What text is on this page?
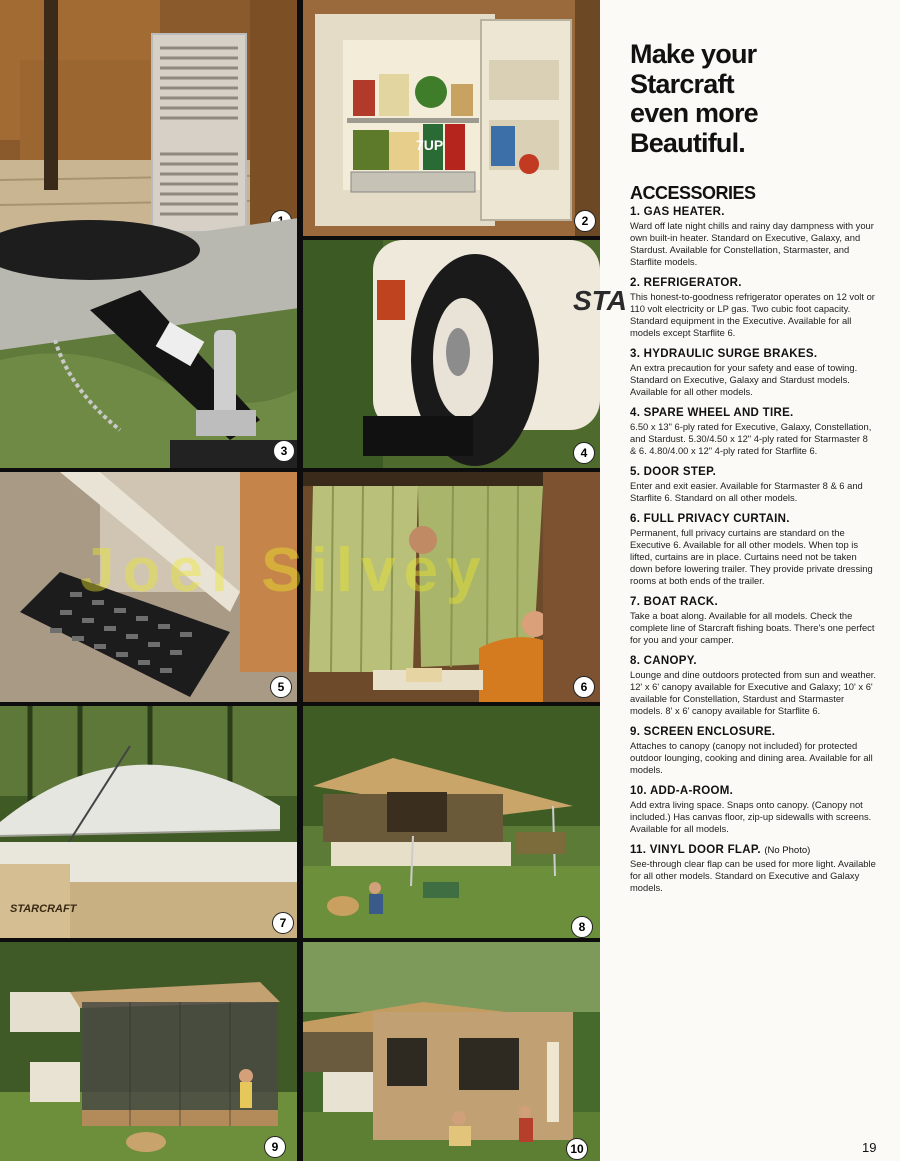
7UP
2
3
STA
4
5	6
STARCRAFT
7	8
9	10
Make your
Starcraft
even more
Beautiful.
ACCESSORIES
1. GAS HEATER.
Ward off late night chills and rainy day dampness with your own built-in heater. Standard on Executive, Galaxy, and Stardust. Available for Constellation, Starmaster, and Starflite models.
2. REFRIGERATOR.
This honest-to-goodness refrigerator operates on 12 volt or 110 volt electricity or LP gas. Two cubic foot capacity. Standard equipment in the Executive. Available for all models except Starflite 6.
3. HYDRAULIC SURGE BRAKES.
An extra precaution for your safety and ease of towing. Standard on Executive, Galaxy and Stardust models. Available for all other models.
4. SPARE WHEEL AND TIRE.
6.50 x 13" 6-ply rated for Executive, Galaxy, Constellation, and Stardust. 5.30/4.50 x 12" 4-ply rated for Starmaster 8 & 6. 4.80/4.00 x 12" 4-ply rated for Starflite 6.
5. DOOR STEP.
Enter and exit easier. Available for Starmaster 8 & 6 and Starflite 6. Standard on all other models.
6. FULL PRIVACY CURTAIN.
Permanent, full privacy curtains are standard on the Executive 6. Available for all other models. When top is lifted, curtains are in place. Curtains need not be taken down before lowering trailer. They provide private dressing rooms at both ends of the trailer.
7. BOAT RACK.
Take a boat along. Available for all models. Check the complete line of Starcraft fishing boats. There's one perfect for you and your camper.
8. CANOPY.
Lounge and dine outdoors protected from sun and weather. 12' x 6' canopy available for Executive and Galaxy; 10' x 6' available for Constellation, Stardust and Starmaster models. 8' x 6' canopy available for Starflite 6.
9. SCREEN ENCLOSURE.
Attaches to canopy (canopy not included) for protected outdoor lounging, cooking and dining area. Available for all models.
10. ADD-A-ROOM.
Add extra living space. Snaps onto canopy. (Canopy not included.) Has canvas floor, zip-up sidewalls with screens. Available for all models.
11. VINYL DOOR FLAP. (No Photo)
See-through clear flap can be used for more light. Available for all other models. Standard on Executive and Galaxy models.
Joel Silvey
19
